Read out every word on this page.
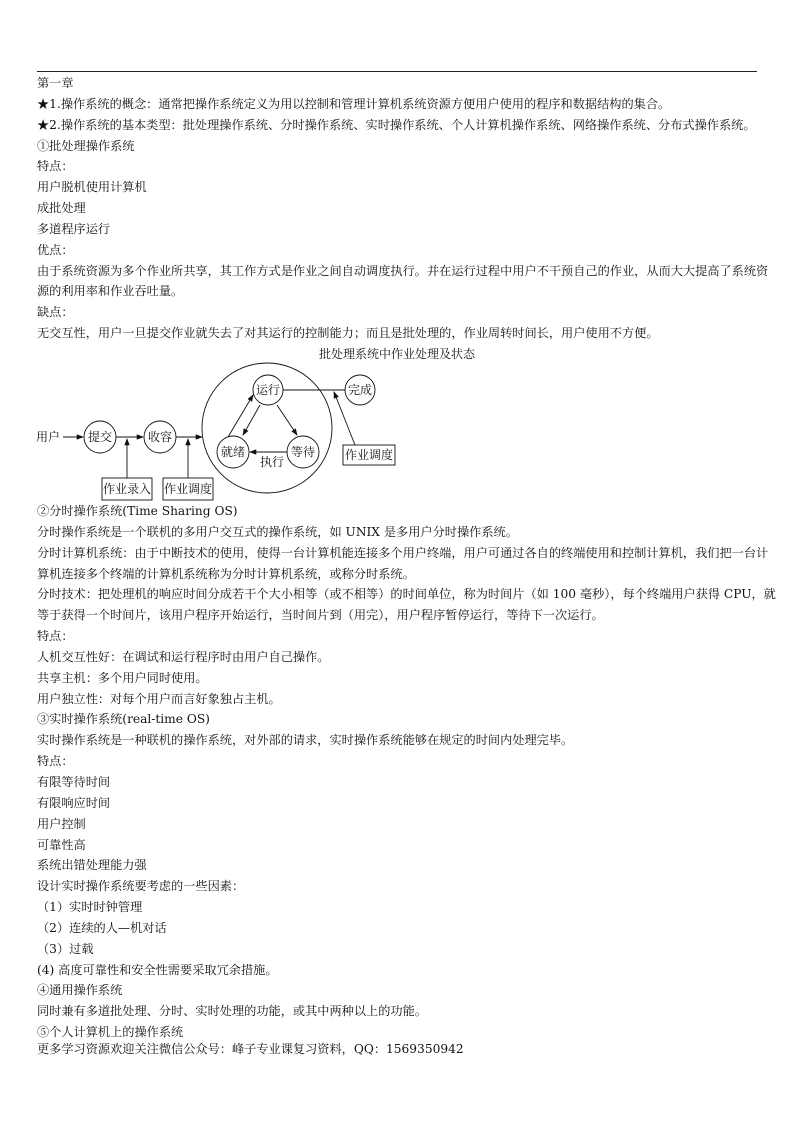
第一章
★1.操作系统的概念：通常把操作系统定义为用以控制和管理计算机系统资源方便用户使用的程序和数据结构的集合。
★2.操作系统的基本类型：批处理操作系统、分时操作系统、实时操作系统、个人计算机操作系统、网络操作系统、分布式操作系统。
①批处理操作系统
特点：
用户脱机使用计算机
成批处理
多道程序运行
优点：
由于系统资源为多个作业所共享，其工作方式是作业之间自动调度执行。并在运行过程中用户不干预自己的作业，从而大大提高了系统资
源的利用率和作业吞吐量。
缺点：
无交互性，用户一旦提交作业就失去了对其运行的控制能力；而且是批处理的，作业周转时间长，用户使用不方便。
批处理系统中作业处理及状态
用户 提交	收容
运行	完成
就绪	等待
执行
作业录入 作业调度
作业调度
②分时操作系统(Time Sharing OS)
分时操作系统是一个联机的多用户交互式的操作系统，如 UNIX 是多用户分时操作系统。
分时计算机系统：由于中断技术的使用，使得一台计算机能连接多个用户终端，用户可通过各自的终端使用和控制计算机，我们把一台计
算机连接多个终端的计算机系统称为分时计算机系统，或称分时系统。
分时技术：把处理机的响应时间分成若干个大小相等（或不相等）的时间单位，称为时间片（如 100 毫秒），每个终端用户获得 CPU，就
等于获得一个时间片，该用户程序开始运行，当时间片到（用完），用户程序暂停运行，等待下一次运行。
特点：
人机交互性好：在调试和运行程序时由用户自己操作。
共享主机：多个用户同时使用。
用户独立性：对每个用户而言好象独占主机。
③实时操作系统(real-time OS)
实时操作系统是一种联机的操作系统，对外部的请求，实时操作系统能够在规定的时间内处理完毕。
特点：
有限等待时间
有限响应时间
用户控制
可靠性高
系统出错处理能力强
设计实时操作系统要考虑的一些因素：
（1）实时时钟管理
（2）连续的人—机对话
（3）过载
(4) 高度可靠性和安全性需要采取冗余措施。
④通用操作系统
同时兼有多道批处理、分时、实时处理的功能，或其中两种以上的功能。
⑤个人计算机上的操作系统
更多学习资源欢迎关注微信公众号：峰子专业课复习资料，QQ：1569350942
